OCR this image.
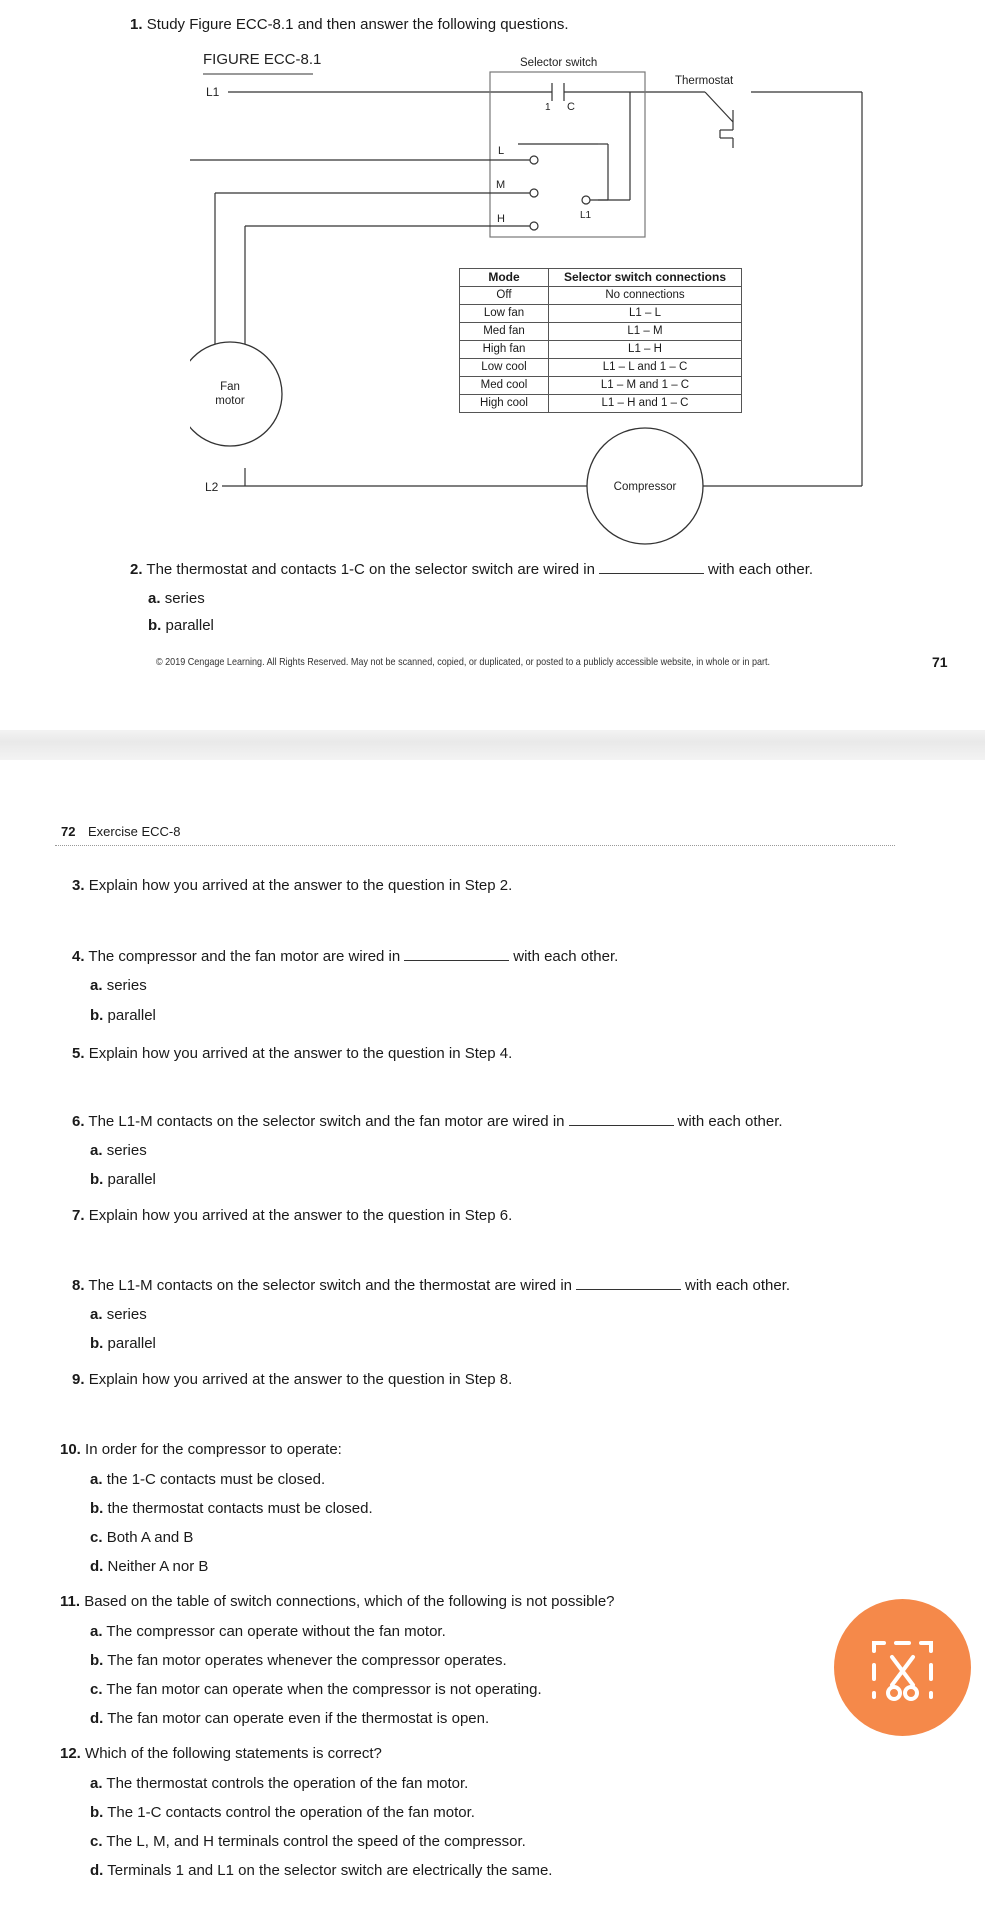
1. Study Figure ECC-8.1 and then answer the following questions.
FIGURE ECC-8.1	Selector switch
Thermostat
L1
1 C
L
M
H	L1
Fan
motor
L2	Compressor
Mode	Selector switch connections
Off	No connections
Low fan	L1 – L
Med fan	L1 – M
High fan	L1 – H
Low cool	L1 – L and 1 – C
Med cool	L1 – M and 1 – C
High cool	L1 – H and 1 – C
2. The thermostat and contacts 1-C on the selector switch are wired in	with each other.
a. series
b. parallel
© 2019 Cengage Learning. All Rights Reserved. May not be scanned, copied, or duplicated, or posted to a publicly accessible website, in whole or in part.	71
72 Exercise ECC-8
3. Explain how you arrived at the answer to the question in Step 2.
4. The compressor and the fan motor are wired in	with each other.
a. series
b. parallel
5. Explain how you arrived at the answer to the question in Step 4.
6. The L1-M contacts on the selector switch and the fan motor are wired in	with each other.
a. series
b. parallel
7. Explain how you arrived at the answer to the question in Step 6.
8. The L1-M contacts on the selector switch and the thermostat are wired in	with each other.
a. series
b. parallel
9. Explain how you arrived at the answer to the question in Step 8.
10. In order for the compressor to operate:
a. the 1-C contacts must be closed.
b. the thermostat contacts must be closed.
c. Both A and B
d. Neither A nor B
11. Based on the table of switch connections, which of the following is not possible?
a. The compressor can operate without the fan motor.
b. The fan motor operates whenever the compressor operates.
c. The fan motor can operate when the compressor is not operating.
d. The fan motor can operate even if the thermostat is open.
12. Which of the following statements is correct?
a. The thermostat controls the operation of the fan motor.
b. The 1-C contacts control the operation of the fan motor.
c. The L, M, and H terminals control the speed of the compressor.
d. Terminals 1 and L1 on the selector switch are electrically the same.
